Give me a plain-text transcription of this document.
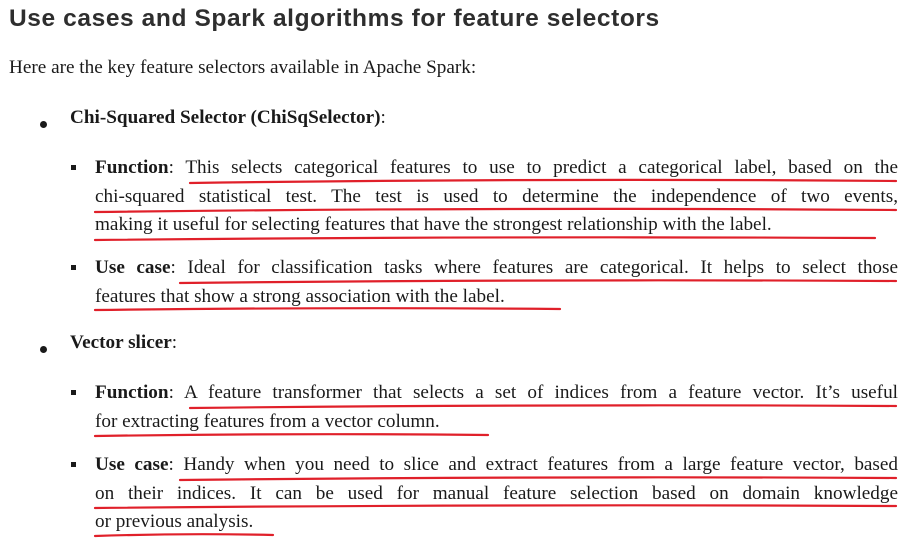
Use cases and Spark algorithms for feature selectors
Here are the key feature selectors available in Apache Spark:
Chi-Squared Selector (ChiSqSelector):
Function: This selects categorical features to use to predict a categorical label, based on the
chi-squared statistical test. The test is used to determine the independence of two events,
making it useful for selecting features that have the strongest relationship with the label.
Use case: Ideal for classification tasks where features are categorical. It helps to select those
features that show a strong association with the label.
Vector slicer:
Function: A feature transformer that selects a set of indices from a feature vector. It’s useful
for extracting features from a vector column.
Use case: Handy when you need to slice and extract features from a large feature vector, based
on their indices. It can be used for manual feature selection based on domain knowledge
or previous analysis.
